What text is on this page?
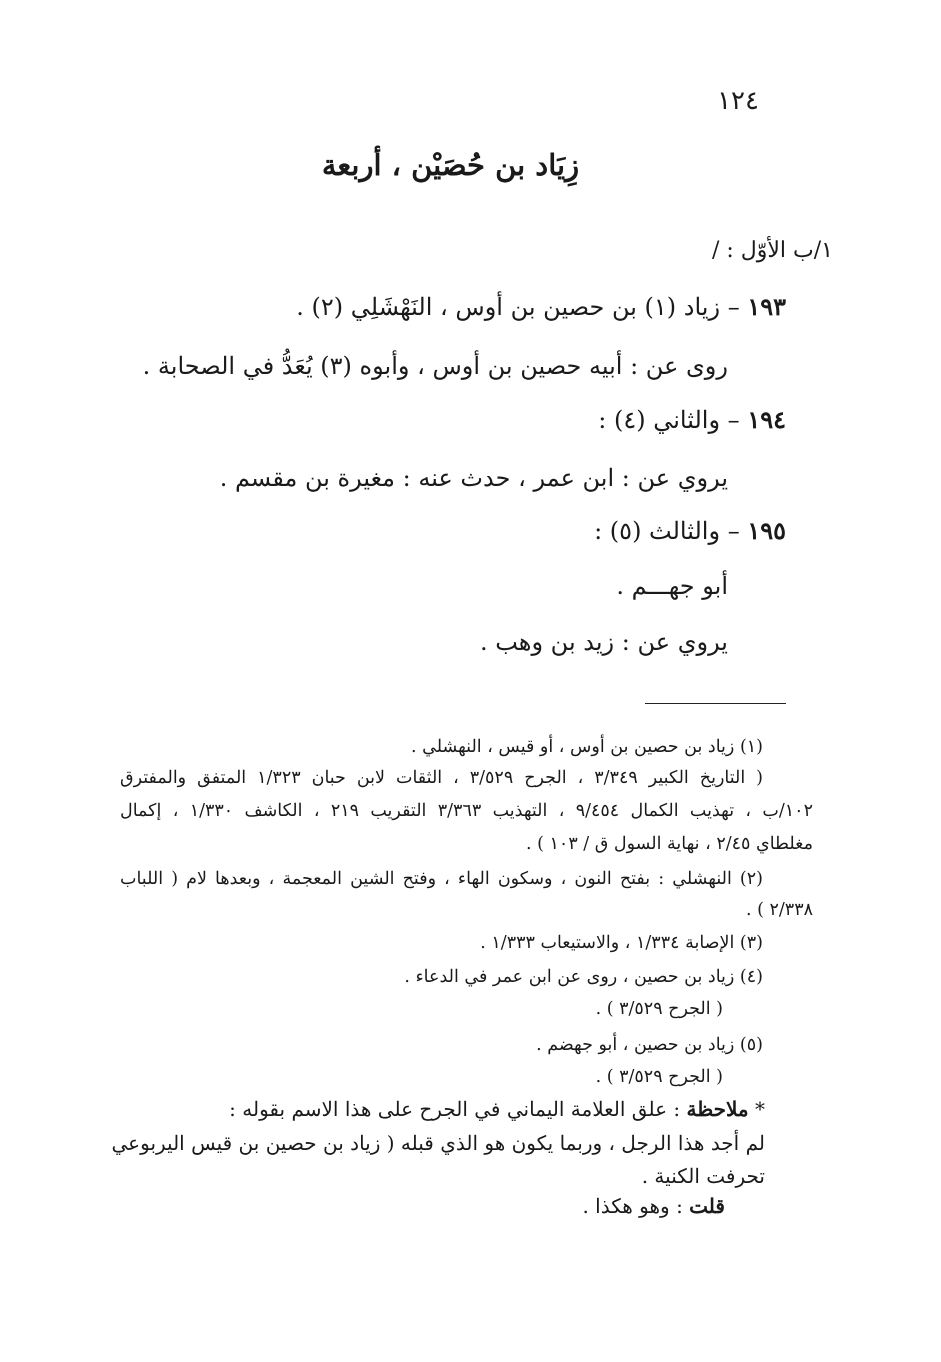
١٢٤
زِيَاد بن حُصَيْن ، أربعة
١/ب الأوّل : /
١٩٣ – زياد (١) بن حصين بن أوس ، النَهْشَلِي (٢) .
روى عن : أبيه حصين بن أوس ، وأبوه (٣) يُعَدُّ في الصحابة .
١٩٤ – والثاني (٤) :
يروي عن : ابن عمر ، حدث عنه : مغيرة بن مقسم .
١٩٥ – والثالث (٥) :
أبو جهـــم .
يروي عن : زيد بن وهب .
(١) زياد بن حصين بن أوس ، أو قيس ، النهشلي .
( التاريخ الكبير ٣/٣٤٩ ، الجرح ٣/٥٢٩ ، الثقات لابن حبان ١/٣٢٣ المتفق والمفترق
١٠٢/ب ، تهذيب الكمال ٩/٤٥٤ ، التهذيب ٣/٣٦٣ التقريب ٢١٩ ، الكاشف ١/٣٣٠ ، إكمال
مغلطاي ٢/٤٥ ، نهاية السول ق / ١٠٣ ) .
(٢) النهشلي : بفتح النون ، وسكون الهاء ، وفتح الشين المعجمة ، وبعدها لام ( اللباب
٢/٣٣٨ ) .
(٣) الإصابة ١/٣٣٤ ، والاستيعاب ١/٣٣٣ .
(٤) زياد بن حصين ، روى عن ابن عمر في الدعاء .
( الجرح ٣/٥٢٩ ) .
(٥) زياد بن حصين ، أبو جهضم .
( الجرح ٣/٥٢٩ ) .
* ملاحظة : علق العلامة اليماني في الجرح على هذا الاسم بقوله :
لم أجد هذا الرجل ، وربما يكون هو الذي قبله ( زياد بن حصين بن قيس اليربوعي
تحرفت الكنية .
قلت : وهو هكذا .
